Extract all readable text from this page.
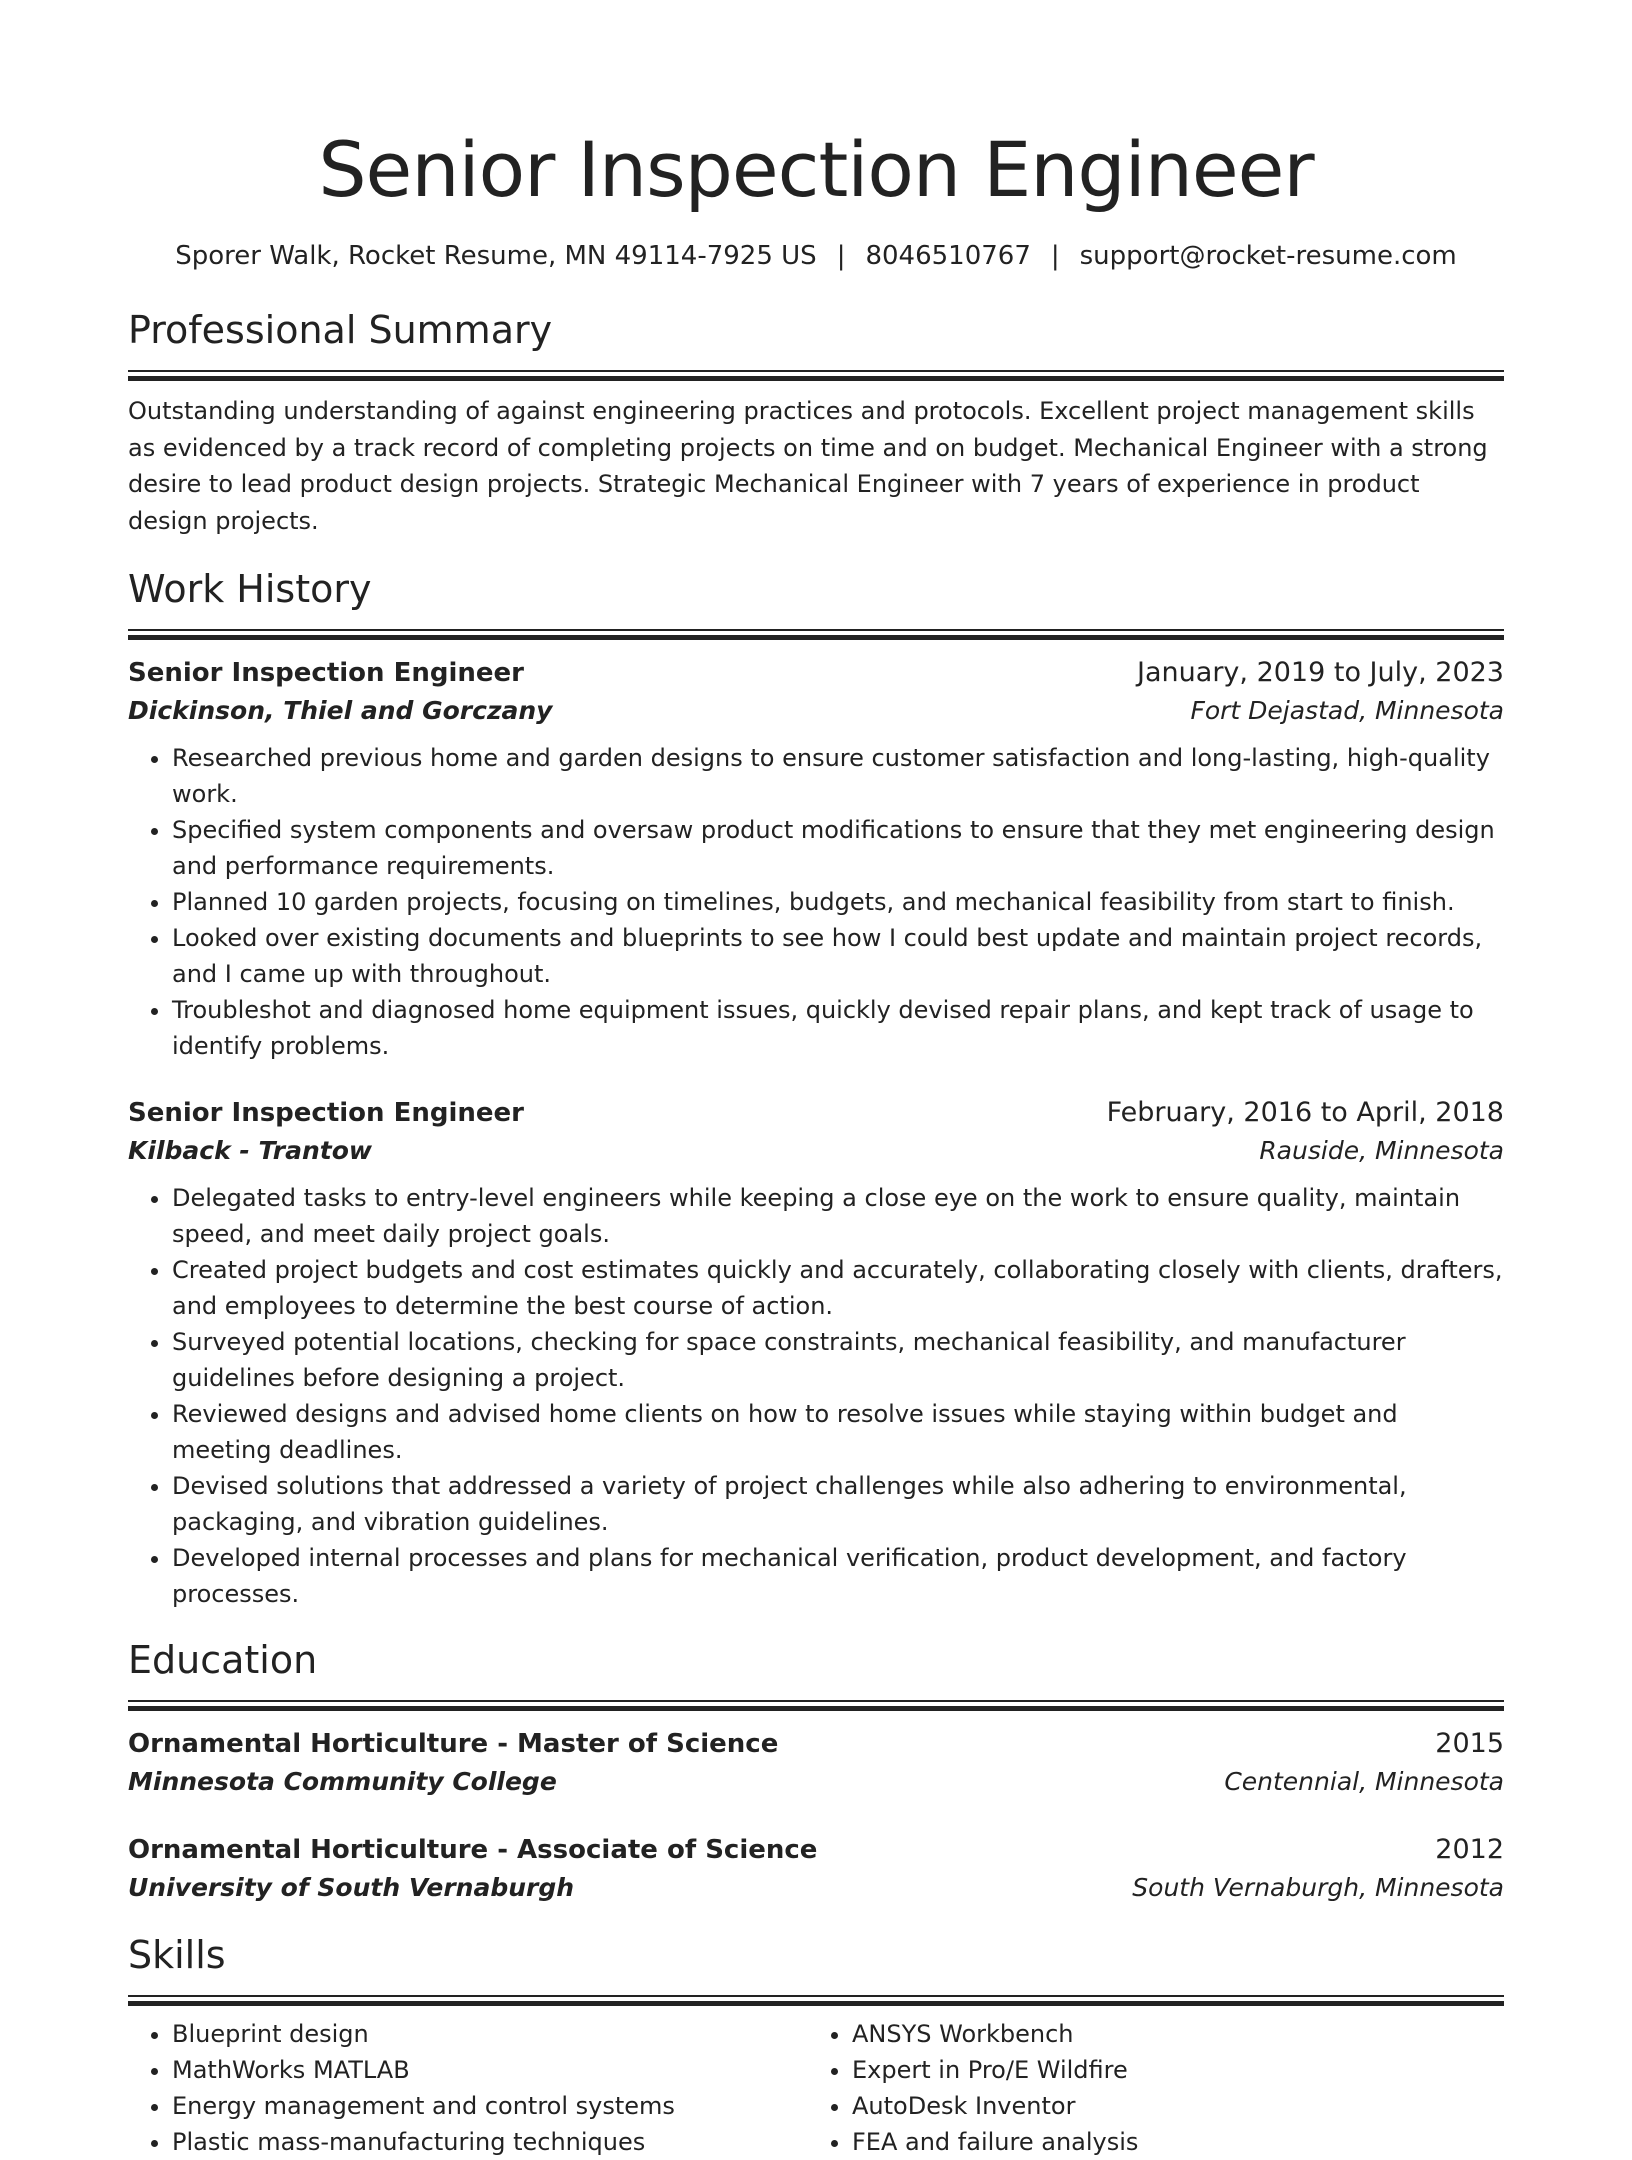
Senior Inspection Engineer
Sporer Walk, Rocket Resume, MN 49114-7925 US | 8046510767 | support@rocket-resume.com
Professional Summary
Outstanding understanding of against engineering practices and protocols. Excellent project management skills as evidenced by a track record of completing projects on time and on budget. Mechanical Engineer with a strong desire to lead product design projects. Strategic Mechanical Engineer with 7 years of experience in product design projects.
Work History
Senior Inspection Engineer	January, 2019 to July, 2023
Dickinson, Thiel and Gorczany	Fort Dejastad, Minnesota
• Researched previous home and garden designs to ensure customer satisfaction and long-lasting, high-quality work.
• Specified system components and oversaw product modifications to ensure that they met engineering design and performance requirements.
• Planned 10 garden projects, focusing on timelines, budgets, and mechanical feasibility from start to finish.
• Looked over existing documents and blueprints to see how I could best update and maintain project records, and I came up with throughout.
• Troubleshot and diagnosed home equipment issues, quickly devised repair plans, and kept track of usage to identify problems.
Senior Inspection Engineer	February, 2016 to April, 2018
Kilback - Trantow	Rauside, Minnesota
• Delegated tasks to entry-level engineers while keeping a close eye on the work to ensure quality, maintain speed, and meet daily project goals.
• Created project budgets and cost estimates quickly and accurately, collaborating closely with clients, drafters, and employees to determine the best course of action.
• Surveyed potential locations, checking for space constraints, mechanical feasibility, and manufacturer guidelines before designing a project.
• Reviewed designs and advised home clients on how to resolve issues while staying within budget and meeting deadlines.
• Devised solutions that addressed a variety of project challenges while also adhering to environmental, packaging, and vibration guidelines.
• Developed internal processes and plans for mechanical verification, product development, and factory processes.
Education
Ornamental Horticulture - Master of Science	2015
Minnesota Community College	Centennial, Minnesota
Ornamental Horticulture - Associate of Science	2012
University of South Vernaburgh	South Vernaburgh, Minnesota
Skills
• Blueprint design
• MathWorks MATLAB
• Energy management and control systems
• Plastic mass-manufacturing techniques
• ANSYS Workbench
• Expert in Pro/E Wildfire
• AutoDesk Inventor
• FEA and failure analysis
